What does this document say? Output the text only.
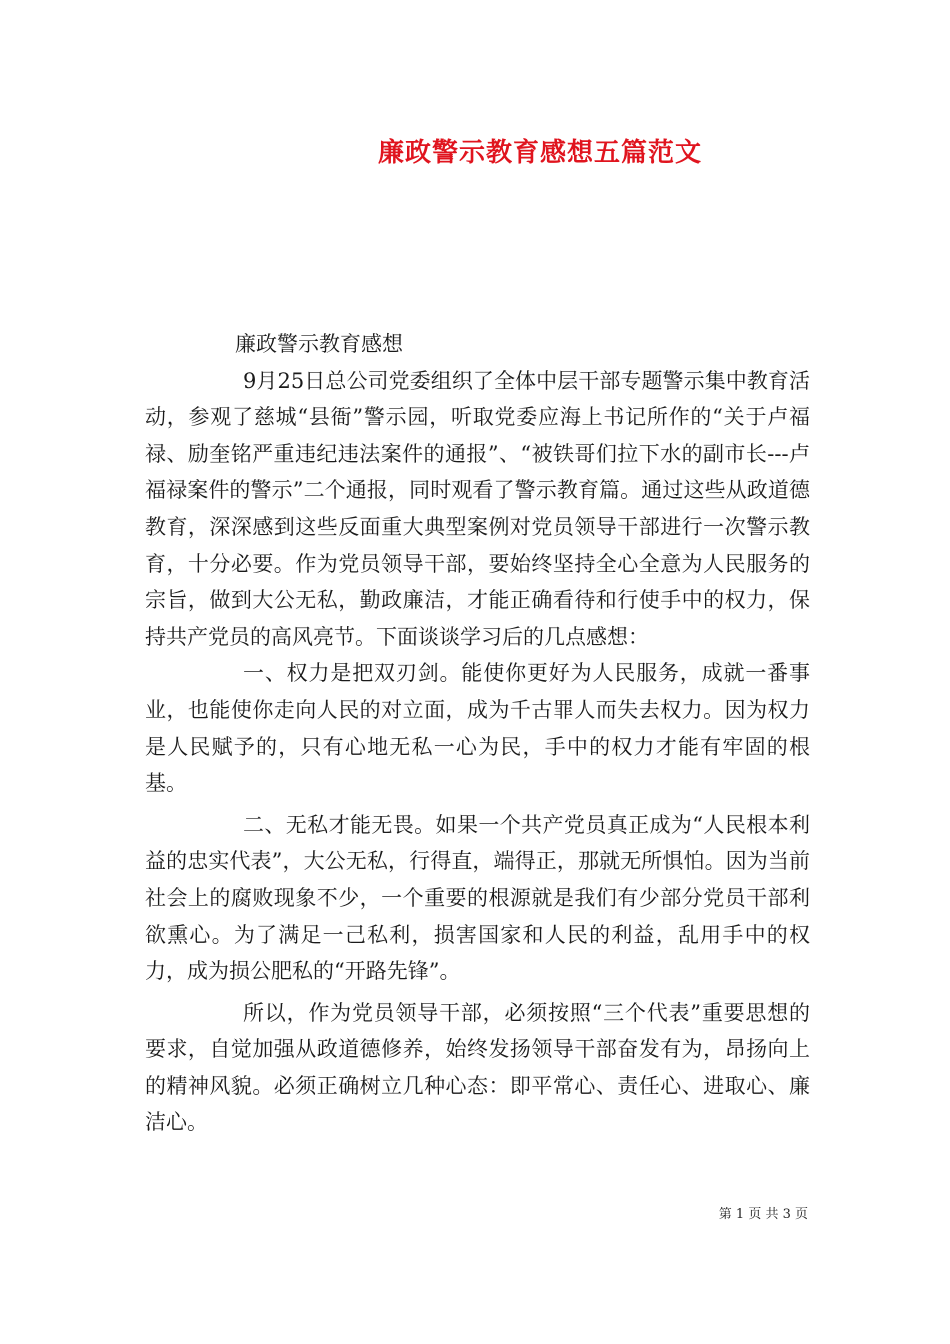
廉政警示教育感想五篇范文

廉政警示教育感想

9月25日总公司党委组织了全体中层干部专题警示集中教育活动，参观了慈城“县衙”警示园，听取党委应海上书记所作的“关于卢福禄、励奎铭严重违纪违法案件的通报”、“被铁哥们拉下水的副市长---卢福禄案件的警示”二个通报，同时观看了警示教育篇。通过这些从政道德教育，深深感到这些反面重大典型案例对党员领导干部进行一次警示教育，十分必要。作为党员领导干部，要始终坚持全心全意为人民服务的宗旨，做到大公无私，勤政廉洁，才能正确看待和行使手中的权力，保持共产党员的高风亮节。下面谈谈学习后的几点感想：

一、权力是把双刃剑。能使你更好为人民服务，成就一番事业，也能使你走向人民的对立面，成为千古罪人而失去权力。因为权力是人民赋予的，只有心地无私一心为民，手中的权力才能有牢固的根基。

二、无私才能无畏。如果一个共产党员真正成为“人民根本利益的忠实代表”，大公无私，行得直，端得正，那就无所惧怕。因为当前社会上的腐败现象不少，一个重要的根源就是我们有少部分党员干部利欲熏心。为了满足一己私利，损害国家和人民的利益，乱用手中的权力，成为损公肥私的“开路先锋”。

所以，作为党员领导干部，必须按照“三个代表”重要思想的要求，自觉加强从政道德修养，始终发扬领导干部奋发有为，昂扬向上的精神风貌。必须正确树立几种心态：即平常心、责任心、进取心、廉洁心。

第 1 页 共 3 页
